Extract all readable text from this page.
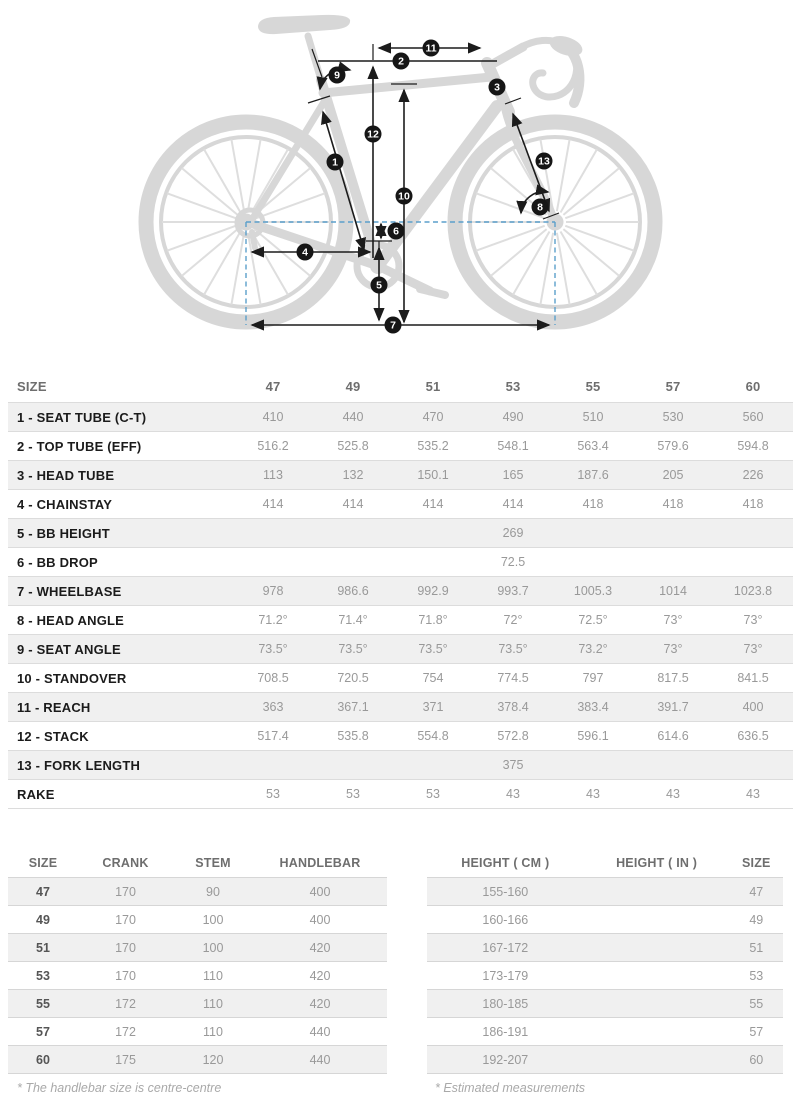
1
2
3
4
5
6
7
8
9
10
11
12
13
SIZE	47	49	51	53	55	57	60
1 - SEAT TUBE (C-T)	410	440	470	490	510	530	560
2 - TOP TUBE (EFF)	516.2	525.8	535.2	548.1	563.4	579.6	594.8
3 - HEAD TUBE	113	132	150.1	165	187.6	205	226
4 - CHAINSTAY	414	414	414	414	418	418	418
5 - BB HEIGHT	269						
6 - BB DROP	72.5						
7 - WHEELBASE	978	986.6	992.9	993.7	1005.3	1014	1023.8
8 - HEAD ANGLE	71.2°	71.4°	71.8°	72°	72.5°	73°	73°
9 - SEAT ANGLE	73.5°	73.5°	73.5°	73.5°	73.2°	73°	73°
10 - STANDOVER	708.5	720.5	754	774.5	797	817.5	841.5
11 - REACH	363	367.1	371	378.4	383.4	391.7	400
12 - STACK	517.4	535.8	554.8	572.8	596.1	614.6	636.5
13 - FORK LENGTH	375						
RAKE	53	53	53	43	43	43	43
SIZE	CRANK	STEM	HANDLEBAR
47	170	90	400
49	170	100	400
51	170	100	420
53	170	110	420
55	172	110	420
57	172	110	440
60	175	120	440
HEIGHT ( CM )	HEIGHT ( IN )	SIZE
155-160		47
160-166		49
167-172		51
173-179		53
180-185		55
186-191		57
192-207		60
* The handlebar size is centre-centre	* Estimated measurements
